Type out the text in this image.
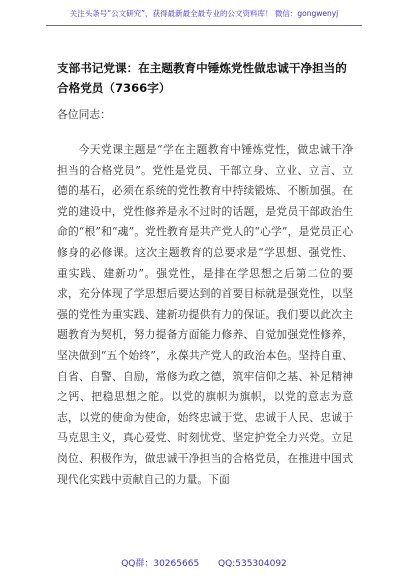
关注头条号“公文研究”，获得最新最全最专业的公文资料库！ 微信：gongwenyj
支部书记党课：在主题教育中锤炼党性做忠诚干净担当的合格党员（7366字）
各位同志：

今天党课主题是“学在主题教育中锤炼党性，做忠诚干净担当的合格党员”。党性是党员、干部立身、立业、立言、立德的基石，必须在系统的党性教育中持续锻炼、不断加强。在党的建设中，党性修养是永不过时的话题，是党员干部政治生命的“根”和“魂”。党性教育是共产党人的“心学”，是党员正心修身的必修课。这次主题教育的总要求是“学思想、强党性、重实践、建新功”。强党性，是排在学思想之后第二位的要求，充分体现了学思想后要达到的首要目标就是强党性，以坚强的党性为重实践、建新功提供有力的保证。我们要以此次主题教育为契机，努力提备方面能力修养、自觉加强党性修养，坚决做到“五个始终”，永葆共产党人的政治本色。坚持自重、自省、自警、自励，常修为政之德，筑牢信仰之基、补足精神之钙、把稳思想之舵。以党的旗帜为旗帜，以党的意志为意志，以党的使命为使命，始终忠诚于党、忠诚于人民、忠诚于马克思主义，真心爱党、时刻忧党、坚定护党全力兴党。立足岗位、积极作为，做忠诚干净担当的合格党员，在推进中国式现代化实践中贡献自己的力量。下面

QQ群：30265665 QQ:535304092
